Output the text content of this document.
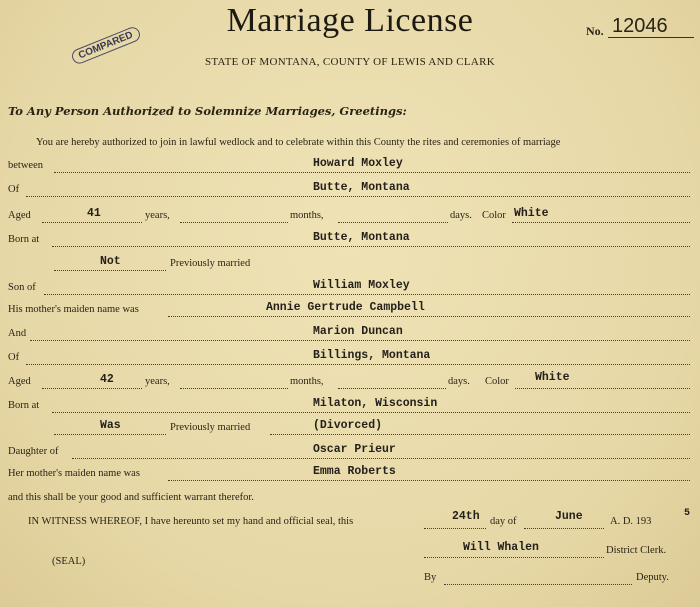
Marriage License	No. 12046
STATE OF MONTANA, COUNTY OF LEWIS AND CLARK
COMPARED
To Any Person Authorized to Solemnize Marriages, Greetings:
You are hereby authorized to join in lawful wedlock and to celebrate within this County the rites and ceremonies of marriage
between	Howard Moxley
Of	Butte, Montana
Aged	41	years,	months,	days. Color White
Born at	Butte, Montana
Not	Previously married
Son of	William Moxley
His mother's maiden name was	Annie Gertrude Campbell
And	Marion Duncan
Of	Billings, Montana
Aged	42	years,	months,	days. Color White
Born at	Milaton, Wisconsin
Was	Previously married	(Divorced)
Daughter of	Oscar Prieur
Her mother's maiden name was	Emma Roberts
and this shall be your good and sufficient warrant therefor.
IN WITNESS WHEREOF, I have hereunto set my hand and official seal, this	24th day of	June	A. D. 193
5
Will Whalen	District Clerk.
(SEAL)
By	Deputy.
